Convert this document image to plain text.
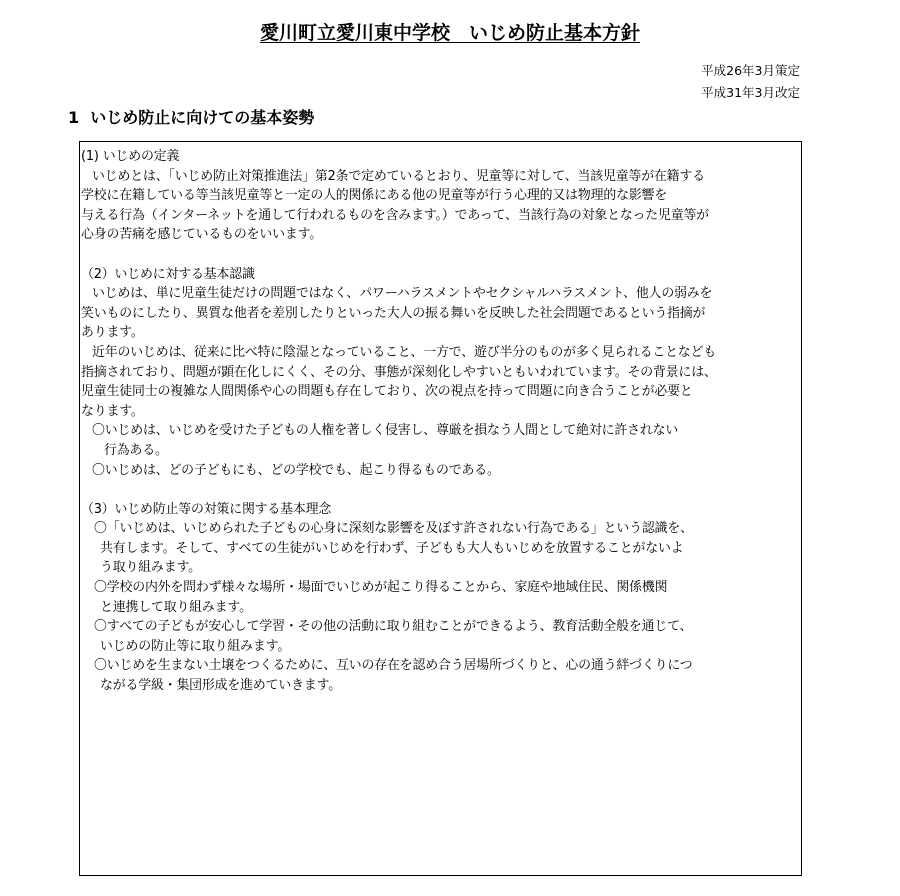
愛川町立愛川東中学校　いじめ防止基本方針
平成26年3月策定
平成31年3月改定
1  いじめ防止に向けての基本姿勢
(1) いじめの定義
いじめとは、「いじめ防止対策推進法」第2条で定めているとおり、児童等に対して、当該児童等が在籍する
学校に在籍している等当該児童等と一定の人的関係にある他の児童等が行う心理的又は物理的な影響を
与える行為（インターネットを通して行われるものを含みます。）であって、当該行為の対象となった児童等が
心身の苦痛を感じているものをいいます。
（2）いじめに対する基本認識
いじめは、単に児童生徒だけの問題ではなく、パワーハラスメントやセクシャルハラスメント、他人の弱みを
笑いものにしたり、異質な他者を差別したりといった大人の振る舞いを反映した社会問題であるという指摘が
あります。
近年のいじめは、従来に比べ特に陰湿となっていること、一方で、遊び半分のものが多く見られることなども
指摘されており、問題が顕在化しにくく、その分、事態が深刻化しやすいともいわれています。その背景には、
児童生徒同士の複雑な人間関係や心の問題も存在しており、次の視点を持って問題に向き合うことが必要と
なります。
〇いじめは、いじめを受けた子どもの人権を著しく侵害し、尊厳を損なう人間として絶対に許されない
行為ある。
〇いじめは、どの子どもにも、どの学校でも、起こり得るものである。
（3）いじめ防止等の対策に関する基本理念
〇「いじめは、いじめられた子どもの心身に深刻な影響を及ぼす許されない行為である」という認識を、
共有します。そして、すべての生徒がいじめを行わず、子どもも大人もいじめを放置することがないよ
う取り組みます。
〇学校の内外を問わず様々な場所・場面でいじめが起こり得ることから、家庭や地域住民、関係機関
と連携して取り組みます。
〇すべての子どもが安心して学習・その他の活動に取り組むことができるよう、教育活動全般を通じて、
いじめの防止等に取り組みます。
〇いじめを生まない土壌をつくるために、互いの存在を認め合う居場所づくりと、心の通う絆づくりにつ
ながる学級・集団形成を進めていきます。
